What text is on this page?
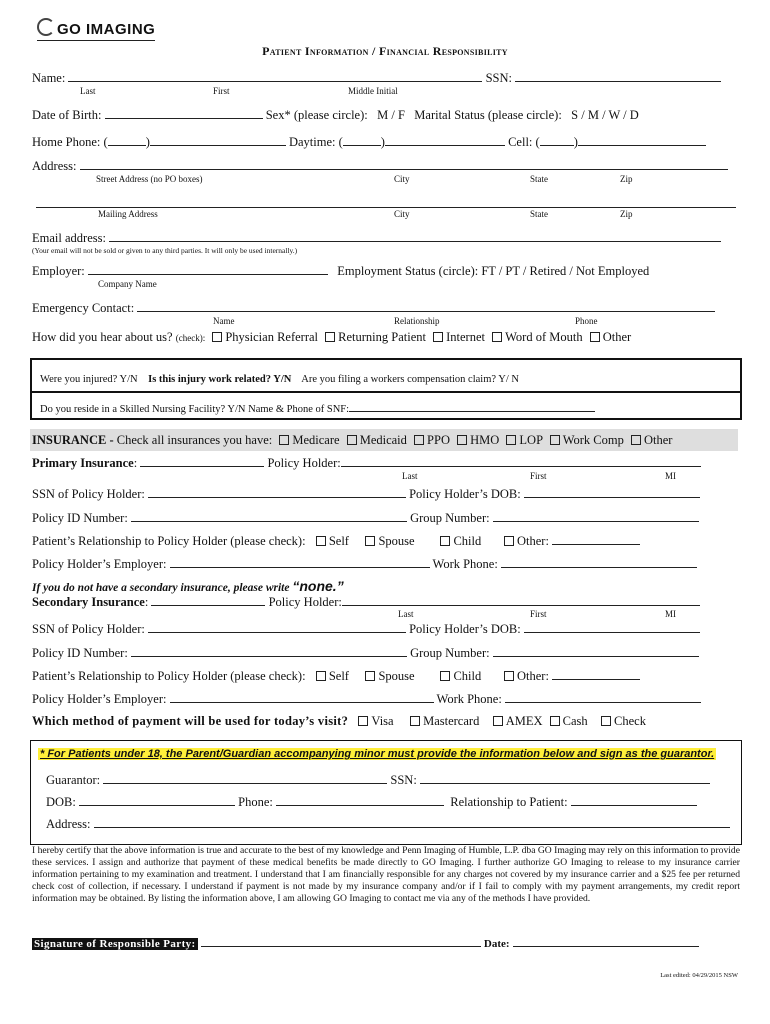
GO IMAGING
Patient Information / Financial Responsibility
Name:	SSN:
Last	First	Middle Initial
Date of Birth:	Sex* (please circle): M / F Marital Status (please circle): S / M / W / D
Home Phone: (	)	Daytime: (	)	Cell: (	)
Address:
Street Address (no PO boxes)	City	State	Zip
Mailing Address	City	State	Zip
Email address:
(Your email will not be sold or given to any third parties. It will only be used internally.)
Employer:	Employment Status (circle): FT / PT / Retired / Not Employed
Company Name
Emergency Contact:
Name	Relationship	Phone
How did you hear about us? (check): Physician Referral Returning Patient Internet Word of Mouth Other
Were you injured? Y/N Is this injury work related? Y/N Are you filing a workers compensation claim? Y/ N
Do you reside in a Skilled Nursing Facility? Y/N Name & Phone of SNF:
INSURANCE - Check all insurances you have: Medicare Medicaid PPO HMO LOP Work Comp Other
Primary Insurance:	Policy Holder:
Last	First	MI
SSN of Policy Holder:	Policy Holder’s DOB:
Policy ID Number:	Group Number:
Patient’s Relationship to Policy Holder (please check): Self Spouse	Child	Other:
Policy Holder’s Employer:	Work Phone:
If you do not have a secondary insurance, please write “none.”
Secondary Insurance:	Policy Holder:
Last	First	MI
SSN of Policy Holder:	Policy Holder’s DOB:
Policy ID Number:	Group Number:
Patient’s Relationship to Policy Holder (please check): Self Spouse	Child	Other:
Policy Holder’s Employer:	Work Phone:
Which method of payment will be used for today’s visit? Visa Mastercard AMEX Cash Check
* For Patients under 18, the Parent/Guardian accompanying minor must provide the information below and sign as the guarantor.
Guarantor:	SSN:
DOB:	Phone:	Relationship to Patient:
Address:
I hereby certify that the above information is true and accurate to the best of my knowledge and Penn Imaging of Humble, L.P. dba GO Imaging may rely on this information to provide these services. I assign and authorize that payment of these medical benefits be made directly to GO Imaging. I further authorize GO Imaging to release to my insurance carrier information pertaining to my examination and treatment. I understand that I am financially responsible for any charges not covered by my insurance carrier and a $25 fee per returned check cost of collection, if necessary. I understand if payment is not made by my insurance company and/or if I fail to comply with my payment arrangements, my credit report information may be obtained. By listing the information above, I am allowing GO Imaging to contact me via any of the methods I have provided.
Signature of Responsible Party:	Date:
Last edited: 04/29/2015 NSW
